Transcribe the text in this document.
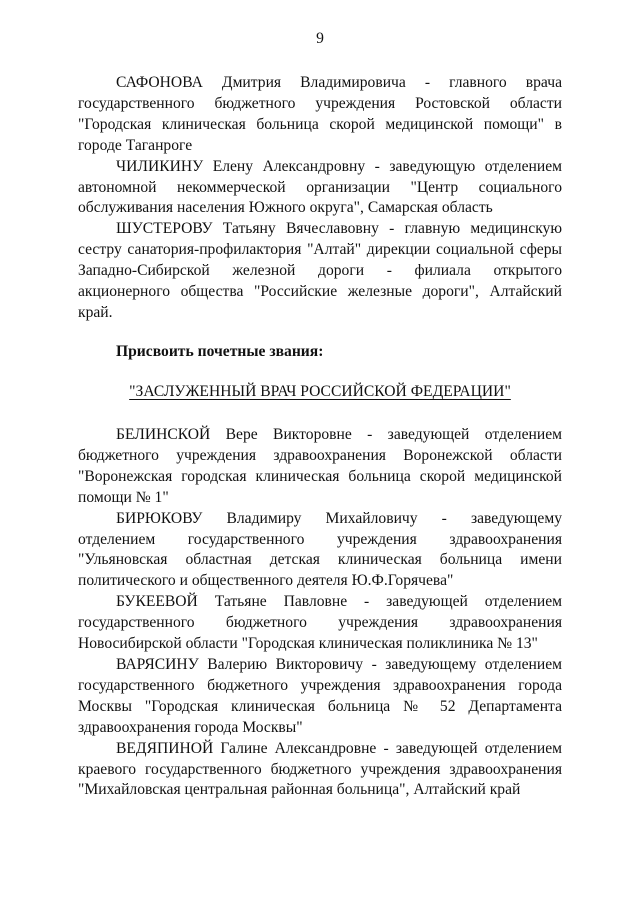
9

САФОНОВА Дмитрия Владимировича - главного врача государственного бюджетного учреждения Ростовской области "Городская клиническая больница скорой медицинской помощи" в городе Таганроге

ЧИЛИКИНУ Елену Александровну - заведующую отделением автономной некоммерческой организации "Центр социального обслуживания населения Южного округа", Самарская область

ШУСТЕРОВУ Татьяну Вячеславовну - главную медицинскую сестру санатория-профилактория "Алтай" дирекции социальной сферы Западно-Сибирской железной дороги - филиала открытого акционерного общества "Российские железные дороги", Алтайский край.

Присвоить почетные звания:
"ЗАСЛУЖЕННЫЙ ВРАЧ РОССИЙСКОЙ ФЕДЕРАЦИИ"

БЕЛИНСКОЙ Вере Викторовне - заведующей отделением бюджетного учреждения здравоохранения Воронежской области "Воронежская городская клиническая больница скорой медицинской помощи № 1"

БИРЮКОВУ Владимиру Михайловичу - заведующему отделением государственного учреждения здравоохранения "Ульяновская областная детская клиническая больница имени политического и общественного деятеля Ю.Ф.Горячева"

БУКЕЕВОЙ Татьяне Павловне - заведующей отделением государственного бюджетного учреждения здравоохранения Новосибирской области "Городская клиническая поликлиника № 13"

ВАРЯСИНУ Валерию Викторовичу - заведующему отделением государственного бюджетного учреждения здравоохранения города Москвы "Городская клиническая больница № 52 Департамента здравоохранения города Москвы"

ВЕДЯПИНОЙ Галине Александровне - заведующей отделением краевого государственного бюджетного учреждения здравоохранения "Михайловская центральная районная больница", Алтайский край
